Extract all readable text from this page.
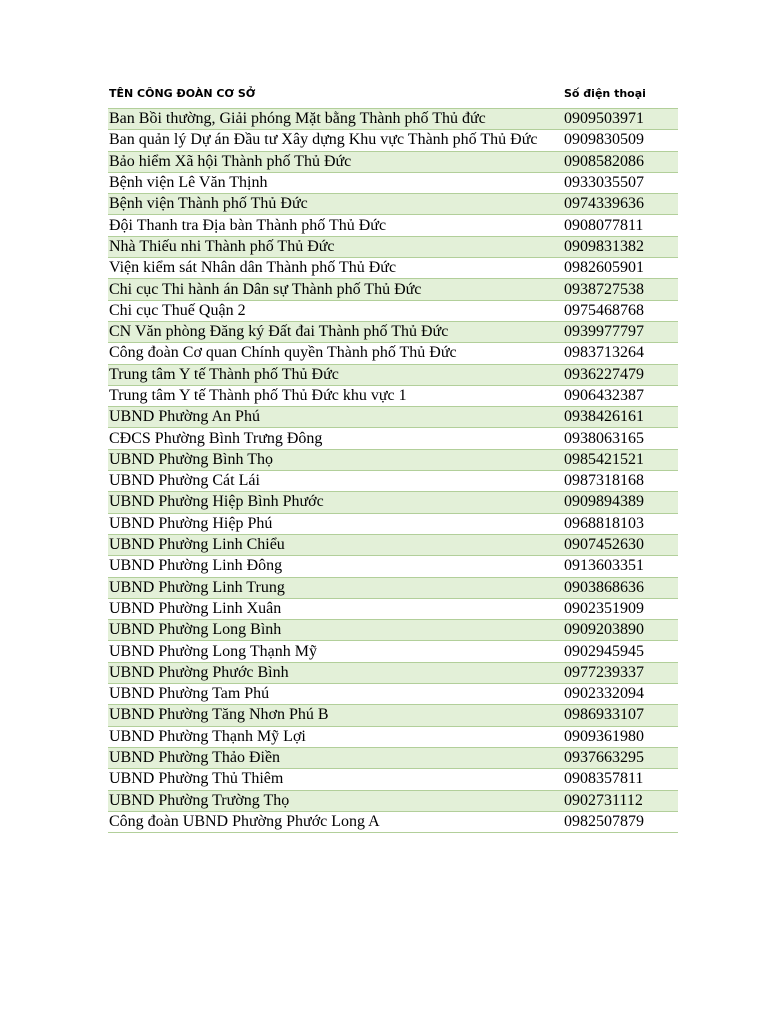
TÊN CÔNG ĐOÀN CƠ SỞ	Số điện thoại
Ban Bồi thường, Giải phóng Mặt bằng Thành phố Thủ đức	0909503971
Ban quản lý Dự án Đầu tư Xây dựng Khu vực Thành phố Thủ Đức	0909830509
Bảo hiểm Xã hội Thành phố Thủ Đức	0908582086
Bệnh viện Lê Văn Thịnh	0933035507
Bệnh viện Thành phố Thủ Đức	0974339636
Đội Thanh tra Địa bàn Thành phố Thủ Đức	0908077811
Nhà Thiếu nhi Thành phố Thủ Đức	0909831382
Viện kiểm sát Nhân dân Thành phố Thủ Đức	0982605901
Chi cục Thi hành án Dân sự Thành phố Thủ Đức	0938727538
Chi cục Thuế Quận 2	0975468768
CN Văn phòng Đăng ký Đất đai Thành phố Thủ Đức	0939977797
Công đoàn Cơ quan Chính quyền Thành phố Thủ Đức	0983713264
Trung tâm Y tế Thành phố Thủ Đức	0936227479
Trung tâm Y tế Thành phố Thủ Đức khu vực 1	0906432387
UBND Phường An Phú	0938426161
CĐCS Phường Bình Trưng Đông	0938063165
UBND Phường Bình Thọ	0985421521
UBND Phường Cát Lái	0987318168
UBND Phường Hiệp Bình Phước	0909894389
UBND Phường Hiệp Phú	0968818103
UBND Phường Linh Chiểu	0907452630
UBND Phường Linh Đông	0913603351
UBND Phường Linh Trung	0903868636
UBND Phường Linh Xuân	0902351909
UBND Phường Long Bình	0909203890
UBND Phường Long Thạnh Mỹ	0902945945
UBND Phường Phước Bình	0977239337
UBND Phường Tam Phú	0902332094
UBND Phường Tăng Nhơn Phú B	0986933107
UBND Phường Thạnh Mỹ Lợi	0909361980
UBND Phường Thảo Điền	0937663295
UBND Phường Thủ Thiêm	0908357811
UBND Phường Trường Thọ	0902731112
Công đoàn UBND Phường Phước Long A	0982507879
